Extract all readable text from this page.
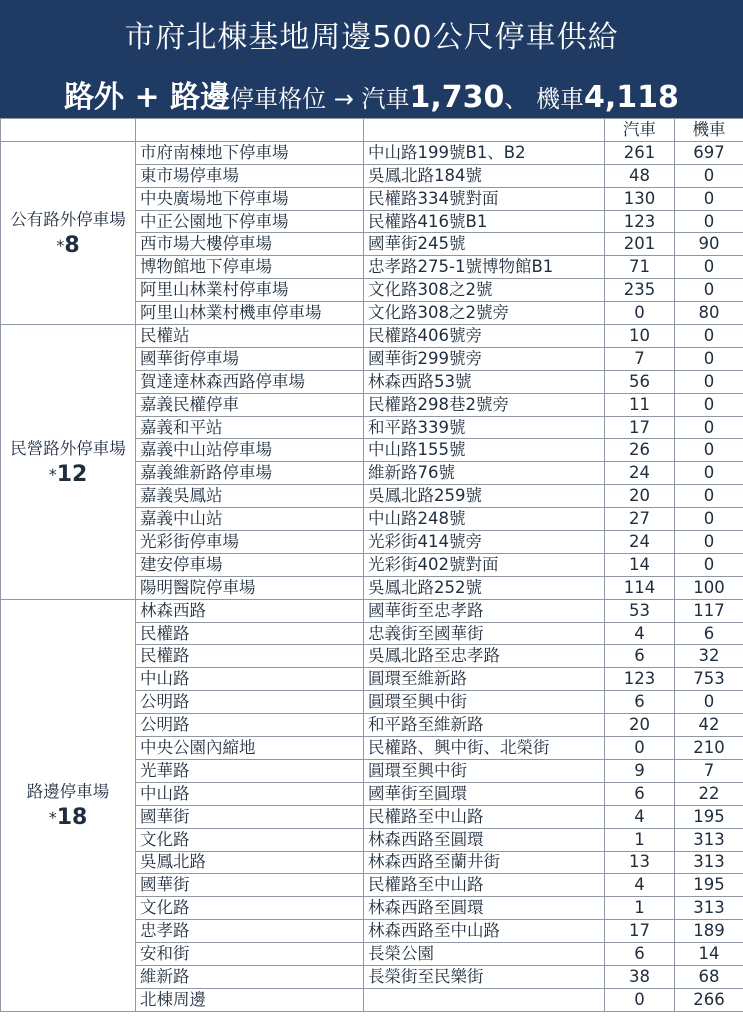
市府北棟基地周邊500公尺停車供給
路外 + 路邊停車格位 → 汽車1,730、 機車4,118
			汽車	機車
公有路外停車場
*8	市府南棟地下停車場	中山路199號B1、B2	261	697
	東市場停車場	吳鳳北路184號	48	0
	中央廣場地下停車場	民權路334號對面	130	0
	中正公園地下停車場	民權路416號B1	123	0
	西市場大樓停車場	國華街245號	201	90
	博物館地下停車場	忠孝路275-1號博物館B1	71	0
	阿里山林業村停車場	文化路308之2號	235	0
	阿里山林業村機車停車場	文化路308之2號旁	0	80
民營路外停車場
*12	民權站	民權路406號旁	10	0
	國華街停車場	國華街299號旁	7	0
	賀達達林森西路停車場	林森西路53號	56	0
	嘉義民權停車	民權路298巷2號旁	11	0
	嘉義和平站	和平路339號	17	0
	嘉義中山站停車場	中山路155號	26	0
	嘉義維新路停車場	維新路76號	24	0
	嘉義吳鳳站	吳鳳北路259號	20	0
	嘉義中山站	中山路248號	27	0
	光彩街停車場	光彩街414號旁	24	0
	建安停車場	光彩街402號對面	14	0
	陽明醫院停車場	吳鳳北路252號	114	100
路邊停車場
*18	林森西路	國華街至忠孝路	53	117
	民權路	忠義街至國華街	4	6
	民權路	吳鳳北路至忠孝路	6	32
	中山路	圓環至維新路	123	753
	公明路	圓環至興中街	6	0
	公明路	和平路至維新路	20	42
	中央公園內縮地	民權路、興中街、北榮街	0	210
	光華路	圓環至興中街	9	7
	中山路	國華街至圓環	6	22
	國華街	民權路至中山路	4	195
	文化路	林森西路至圓環	1	313
	吳鳳北路	林森西路至蘭井街	13	313
	國華街	民權路至中山路	4	195
	文化路	林森西路至圓環	1	313
	忠孝路	林森西路至中山路	17	189
	安和街	長榮公園	6	14
	維新路	長榮街至民樂街	38	68
	北棟周邊		0	266
